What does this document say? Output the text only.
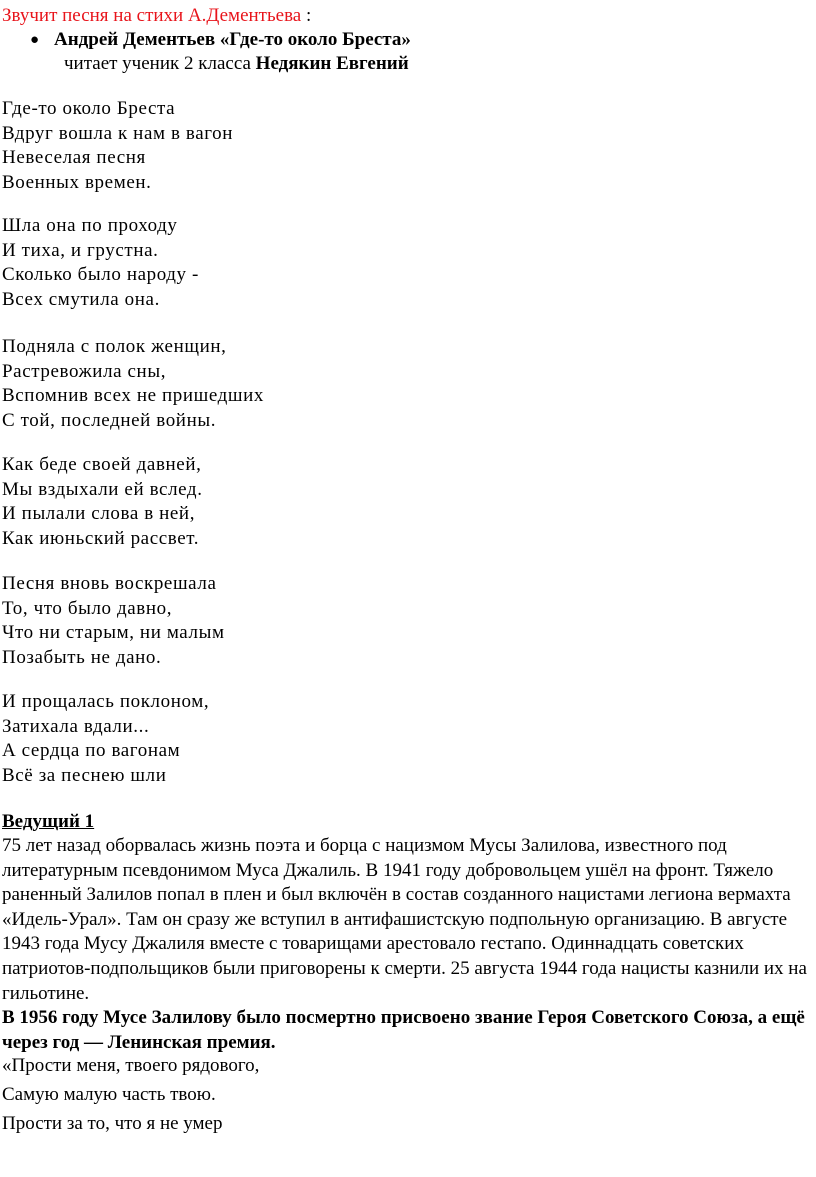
Звучит песня на стихи А.Дементьева :
● Андрей Дементьев «Где-то около Бреста»
читает ученик 2 класса Недякин Евгений
Где-то около Бреста
Вдруг вошла к нам в вагон
Невеселая песня
Военных времен.
Шла она по проходу
И тиха, и грустна.
Сколько было народу -
Всех смутила она.
Подняла с полок женщин,
Растревожила сны,
Вспомнив всех не пришедших
С той, последней войны.
Как беде своей давней,
Мы вздыхали ей вслед.
И пылали слова в ней,
Как июньский рассвет.
Песня вновь воскрешала
То, что было давно,
Что ни старым, ни малым
Позабыть не дано.
И прощалась поклоном,
Затихала вдали...
А сердца по вагонам
Всё за песнею шли
Ведущий 1
75 лет назад оборвалась жизнь поэта и борца с нацизмом Мусы Залилова, известного под литературным псевдонимом Муса Джалиль. В 1941 году добровольцем ушёл на фронт. Тяжело раненный Залилов попал в плен и был включён в состав созданного нацистами легиона вермахта «Идель-Урал». Там он сразу же вступил в антифашистскую подпольную организацию. В августе 1943 года Мусу Джалиля вместе с товарищами арестовало гестапо. Одиннадцать советских патриотов-подпольщиков были приговорены к смерти. 25 августа 1944 года нацисты казнили их на гильотине.
В 1956 году Мусе Залилову было посмертно присвоено звание Героя Советского Союза, а ещё через год — Ленинская премия.
«Прости меня, твоего рядового,
Самую малую часть твою.
Прости за то, что я не умер
